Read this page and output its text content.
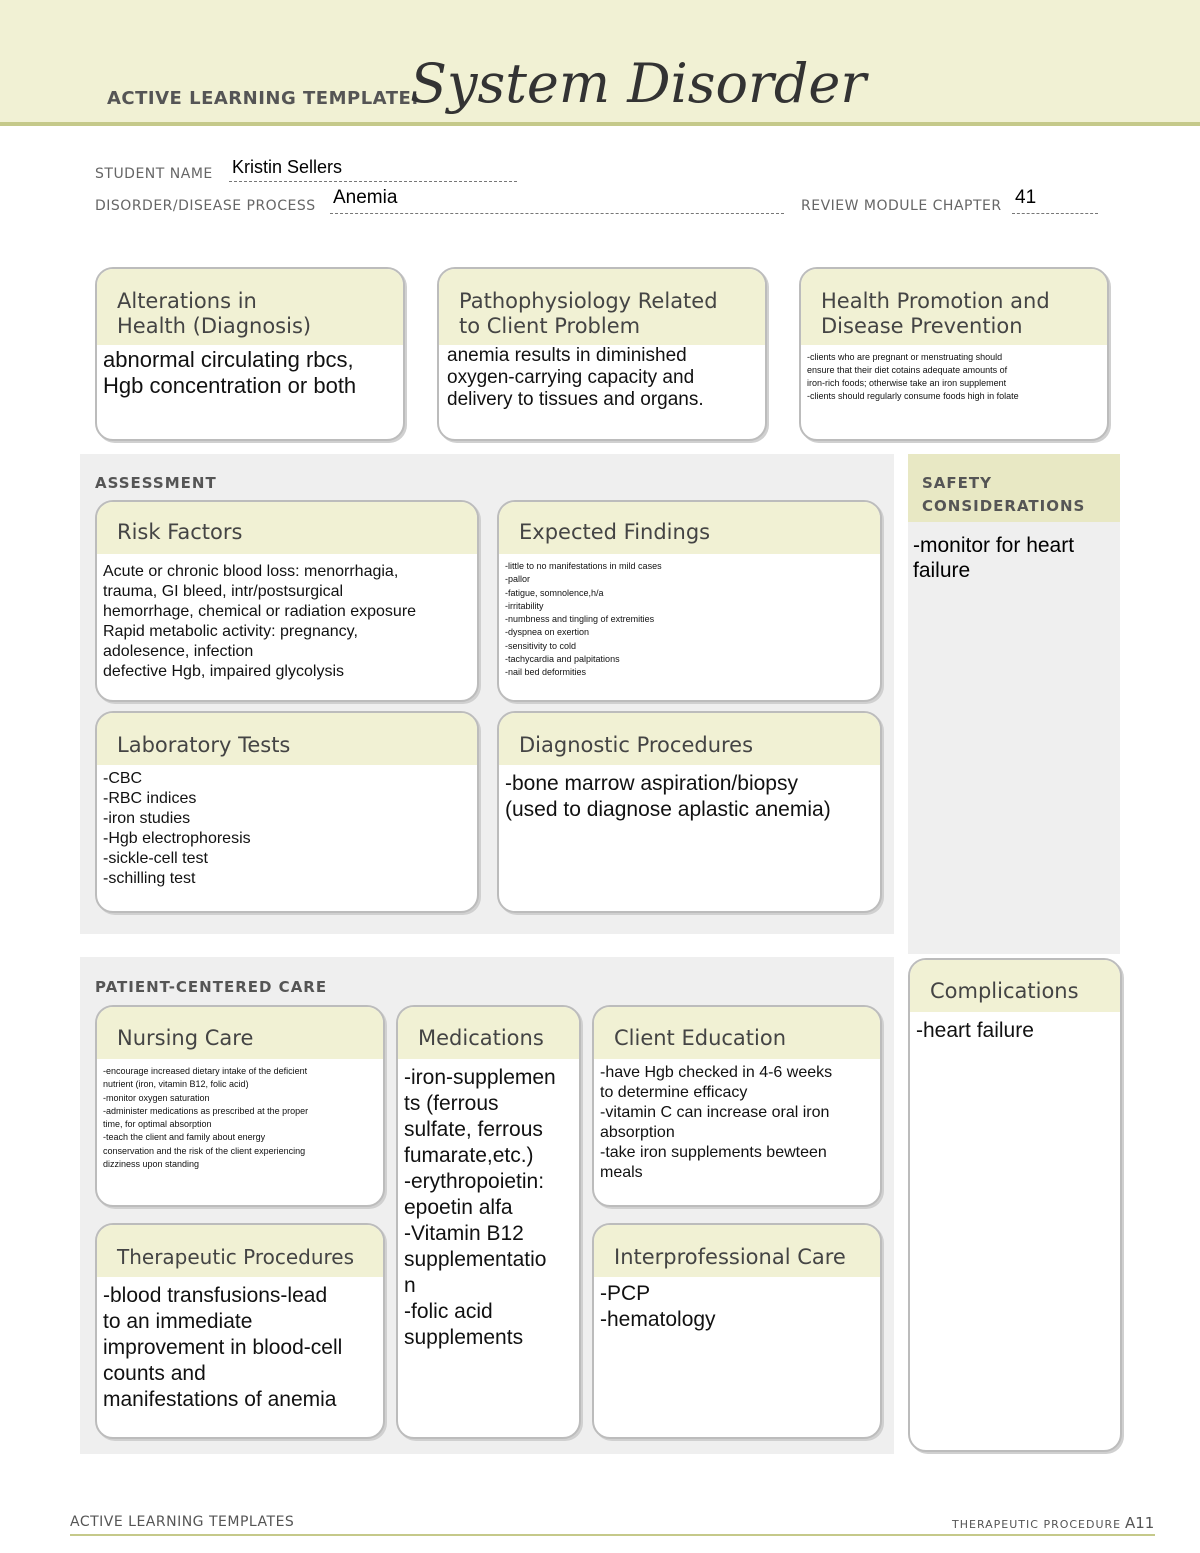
ACTIVE LEARNING TEMPLATE:
System Disorder
STUDENT NAME Kristin Sellers
DISORDER/DISEASE PROCESS Anemia	REVIEW MODULE CHAPTER 41
Alterations in
Health (Diagnosis)
abnormal circulating rbcs,
Hgb concentration or both
Pathophysiology Related
to Client Problem
anemia results in diminished
oxygen-carrying capacity and
delivery to tissues and organs.
Health Promotion and
Disease Prevention
-clients who are pregnant or menstruating should
ensure that their diet cotains adequate amounts of
iron-rich foods; otherwise take an iron supplement
-clients should regularly consume foods high in folate
ASSESSMENT
Risk Factors
Acute or chronic blood loss: menorrhagia,
trauma, GI bleed, intr/postsurgical
hemorrhage, chemical or radiation exposure
Rapid metabolic activity: pregnancy,
adolesence, infection
defective Hgb, impaired glycolysis
Expected Findings
-little to no manifestations in mild cases
-pallor
-fatigue, somnolence,h/a
-irritability
-numbness and tingling of extremities
-dyspnea on exertion
-sensitivity to cold
-tachycardia and palpitations
-nail bed deformities
Laboratory Tests
-CBC
-RBC indices
-iron studies
-Hgb electrophoresis
-sickle-cell test
-schilling test
Diagnostic Procedures
-bone marrow aspiration/biopsy
(used to diagnose aplastic anemia)
SAFETY
CONSIDERATIONS
-monitor for heart
failure
PATIENT-CENTERED CARE
Nursing Care
-encourage increased dietary intake of the deficient
nutrient (iron, vitamin B12, folic acid)
-monitor oxygen saturation
-administer medications as prescribed at the proper
time, for optimal absorption
-teach the client and family about energy
conservation and the risk of the client experiencing
dizziness upon standing
Medications
-iron-supplemen
ts (ferrous
sulfate, ferrous
fumarate,etc.)
-erythropoietin:
epoetin alfa
-Vitamin B12
supplementatio
n
-folic acid
supplements
Client Education
-have Hgb checked in 4-6 weeks
to determine efficacy
-vitamin C can increase oral iron
absorption
-take iron supplements bewteen
meals
Therapeutic Procedures
-blood transfusions-lead
to an immediate
improvement in blood-cell
counts and
manifestations of anemia
Interprofessional Care
-PCP
-hematology
Complications
-heart failure
ACTIVE LEARNING TEMPLATES	THERAPEUTIC PROCEDURE A11
